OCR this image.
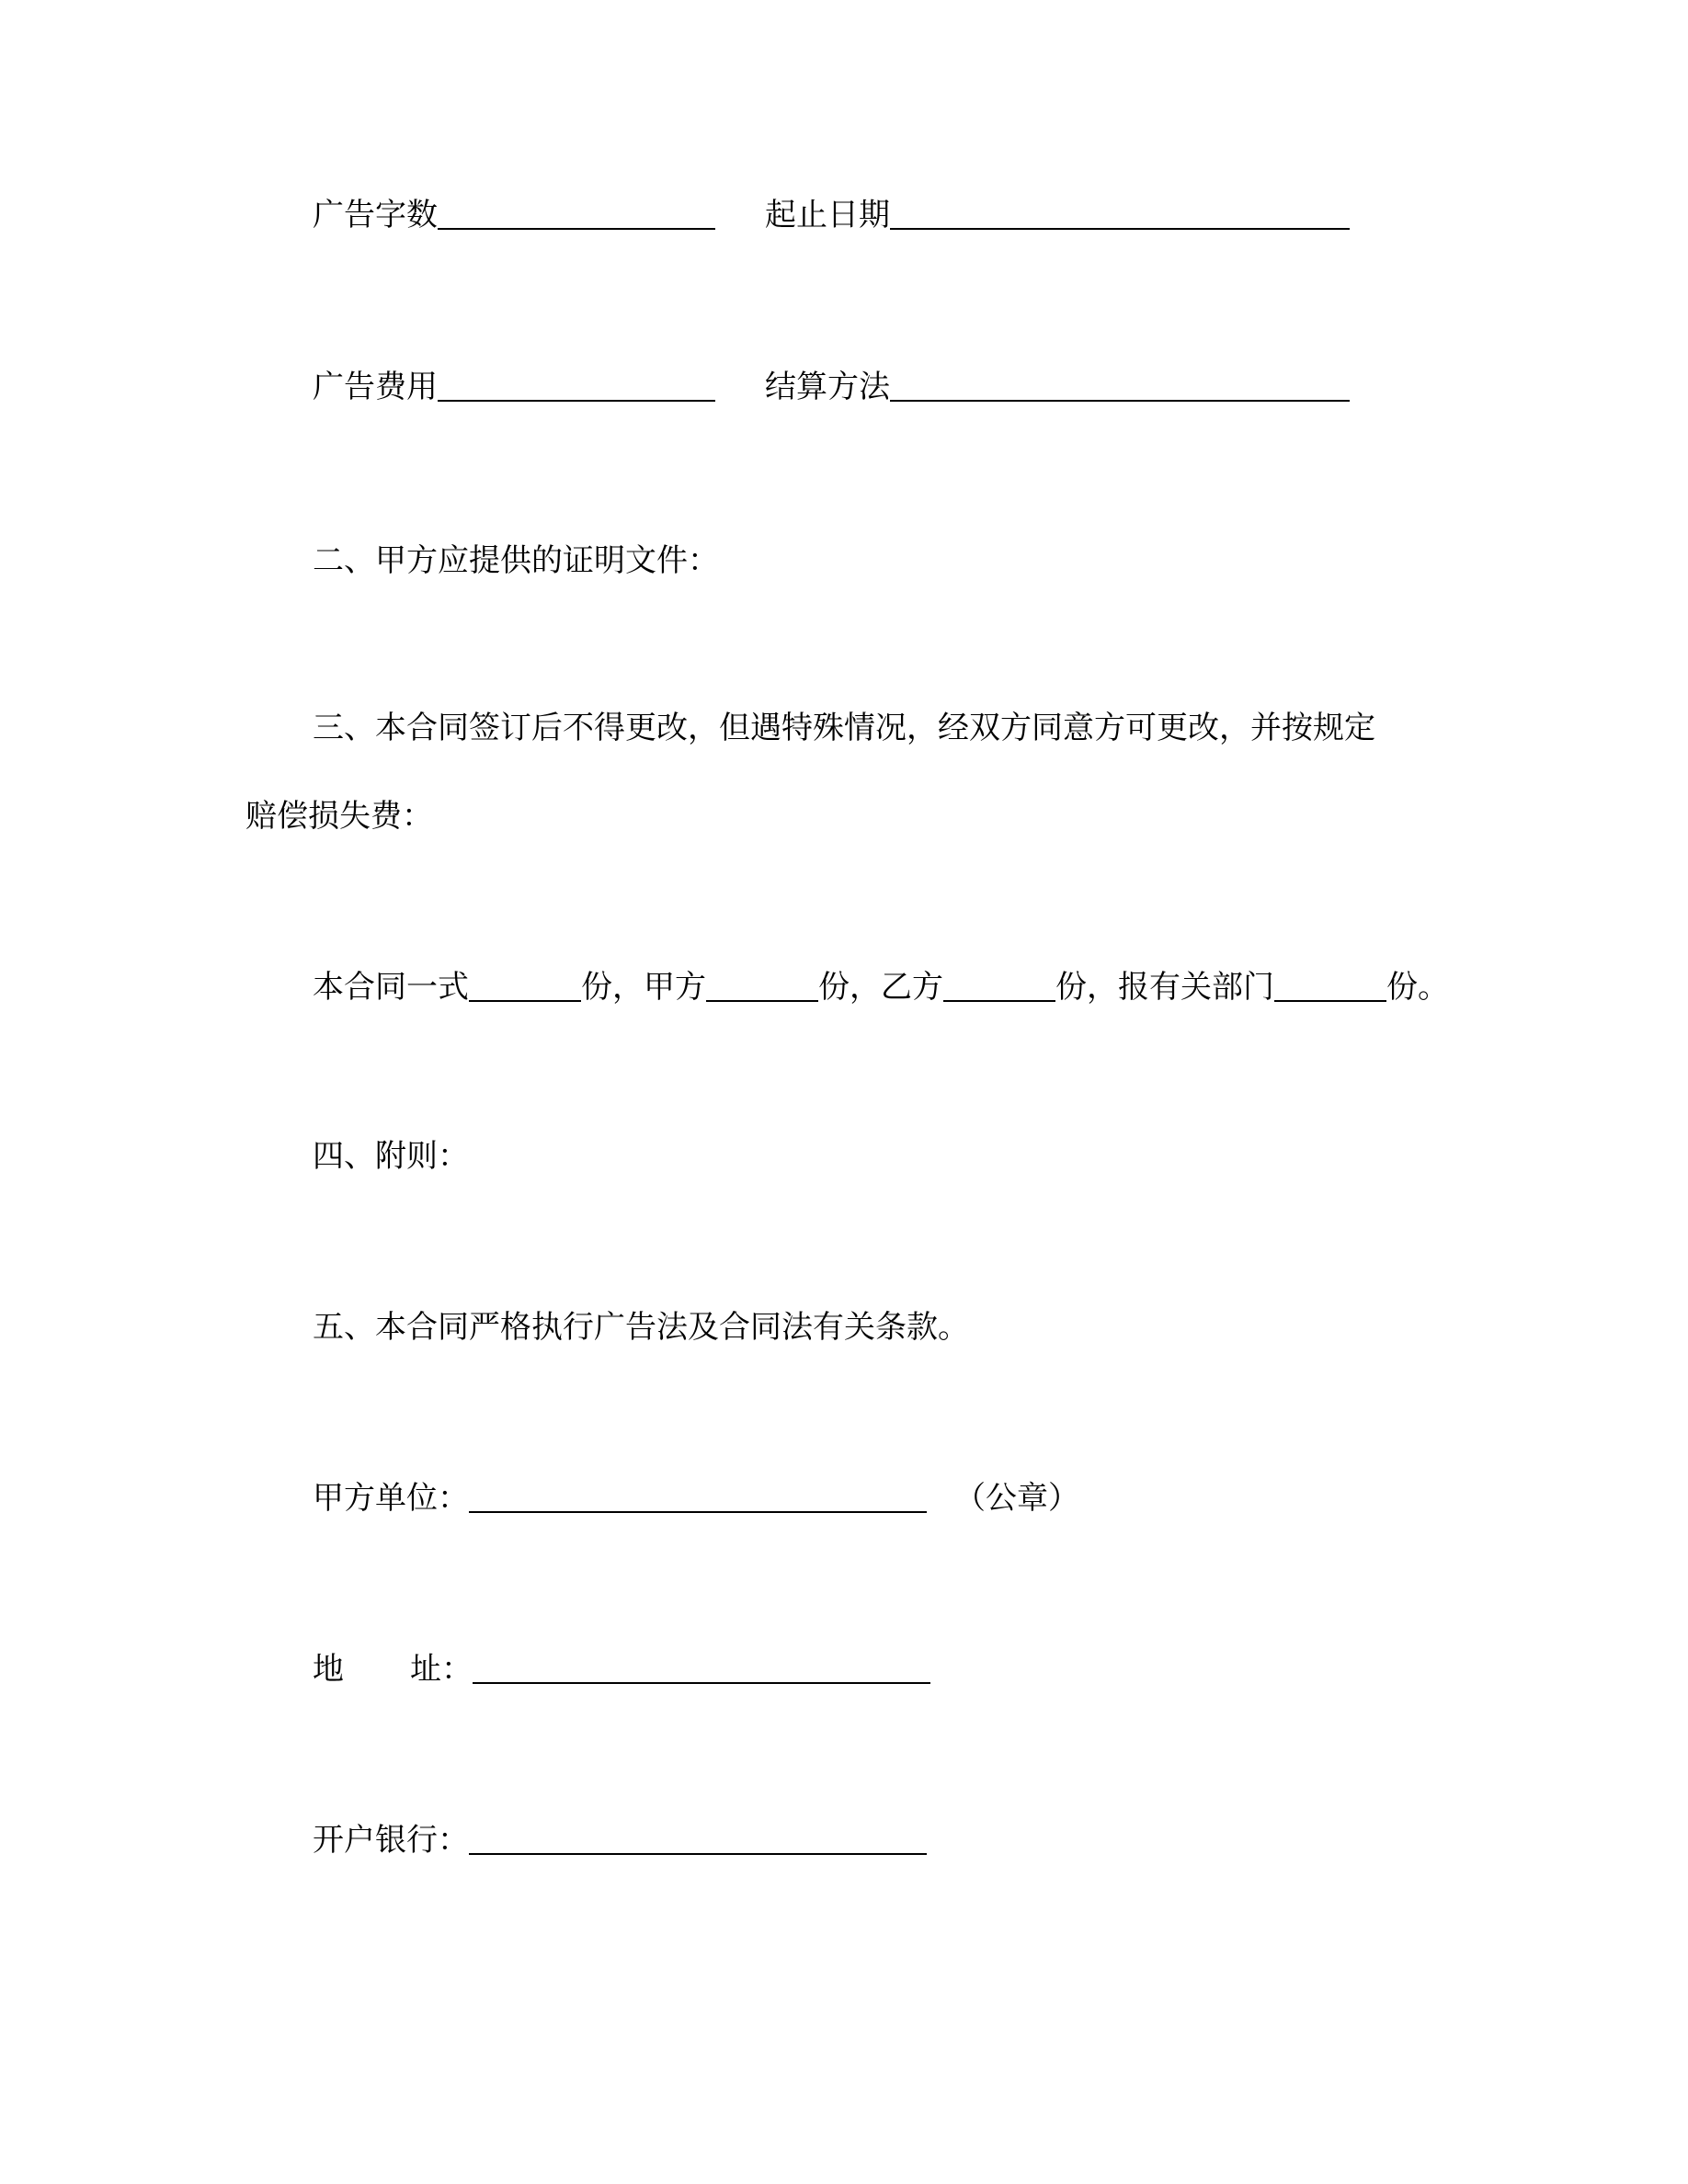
广告字数	起止日期
广告费用	结算方法
二、甲方应提供的证明文件：
三、本合同签订后不得更改，但遇特殊情况，经双方同意方可更改，并按规定
赔偿损失费：
本合同一式	份，甲方	份，乙方	份，报有关部门	份。
四、附则：
五、本合同严格执行广告法及合同法有关条款。
甲方单位：	（公章）
地 址：
开户银行：
